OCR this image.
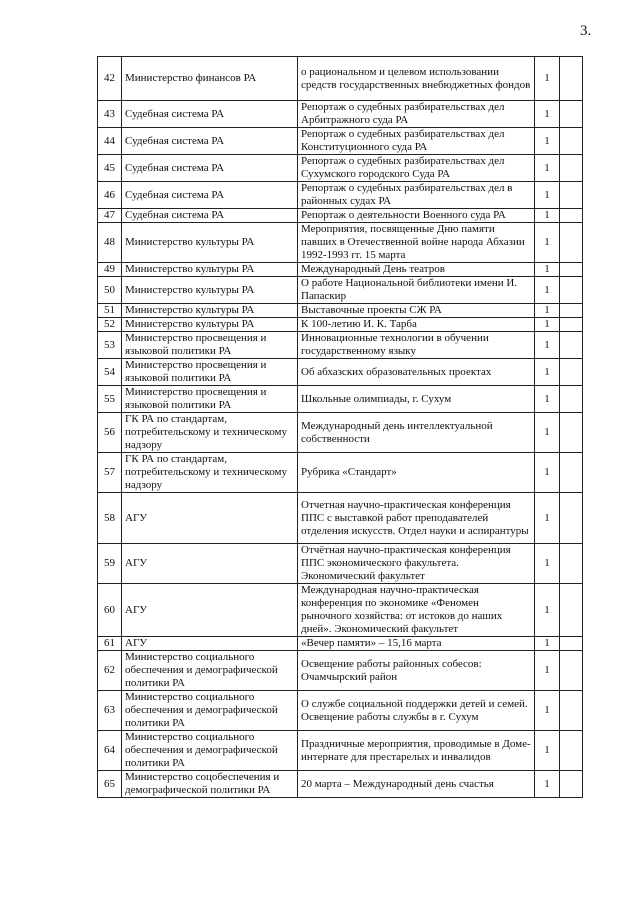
3.
42	Министерство финансов РА	о рациональном и целевом использовании средств государственных внебюджетных фондов	1	
43	Судебная система РА	Репортаж о судебных разбирательствах дел Арбитражного суда РА	1	
44	Судебная система РА	Репортаж о судебных разбирательствах дел Конституционного суда РА	1	
45	Судебная система РА	Репортаж о судебных разбирательствах дел Сухумского городского Суда РА	1	
46	Судебная система РА	Репортаж о судебных разбирательствах дел в районных судах РА	1	
47	Судебная система РА	Репортаж о деятельности Военного суда РА	1	
48	Министерство культуры РА	Мероприятия, посвященные Дню памяти павших в Отечественной войне народа Абхазии 1992-1993 гг. 15 марта	1	
49	Министерство культуры РА	Международный День театров	1	
50	Министерство культуры РА	О работе Национальной библиотеки имени И. Папаскир	1	
51	Министерство культуры РА	Выставочные проекты СЖ РА	1	
52	Министерство культуры РА	К 100-летию И. К. Тарба	1	
53	Министерство просвещения и языковой политики РА	Инновационные технологии в обучении государственному языку	1	
54	Министерство просвещения и языковой политики РА	Об абхазских образовательных проектах	1	
55	Министерство просвещения и языковой политики РА	Школьные олимпиады, г. Сухум	1	
56	ГК РА по стандартам, потребительскому и техническому надзору	Международный день интеллектуальной собственности	1	
57	ГК РА по стандартам, потребительскому и техническому надзору	Рубрика «Стандарт»	1	
58	АГУ	Отчетная научно-практическая конференция ППС с выставкой работ преподавателей отделения искусств. Отдел науки и аспирантуры	1	
59	АГУ	Отчётная научно-практическая конференция ППС экономического факультета. Экономический факультет	1	
60	АГУ	Международная научно-практическая конференция по экономике «Феномен рыночного хозяйства: от истоков до наших дней». Экономический факультет	1	
61	АГУ	«Вечер памяти» – 15,16 марта	1	
62	Министерство социального обеспечения и демографической политики РА	Освещение работы районных собесов: Очамчырский район	1	
63	Министерство социального обеспечения и демографической политики РА	О службе социальной поддержки детей и семей. Освещение работы службы в г. Сухум	1	
64	Министерство социального обеспечения и демографической политики РА	Праздничные мероприятия, проводимые в Доме-интернате для престарелых и инвалидов	1	
65	Министерство соцобеспечения и демографической политики РА	20 марта – Международный день счастья	1	
